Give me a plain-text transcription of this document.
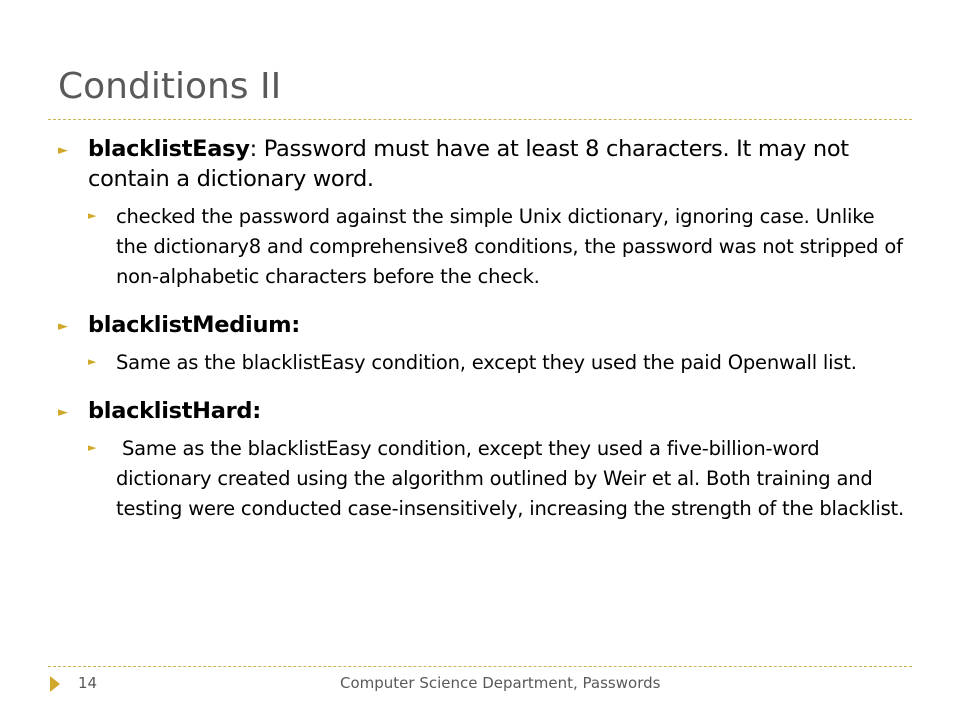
Conditions II
► blacklistEasy: Password must have at least 8 characters. It may not contain a dictionary word.
►	checked the password against the simple Unix dictionary, ignoring case. Unlike the dictionary8 and comprehensive8 conditions, the password was not stripped of non-alphabetic characters before the check.
► blacklistMedium:
►	Same as the blacklistEasy condition, except they used the paid Openwall list.
► blacklistHard:
►	Same as the blacklistEasy condition, except they used a five-billion-word dictionary created using the algorithm outlined by Weir et al. Both training and testing were conducted case-insensitively, increasing the strength of the blacklist.
14	Computer Science Department, Passwords
